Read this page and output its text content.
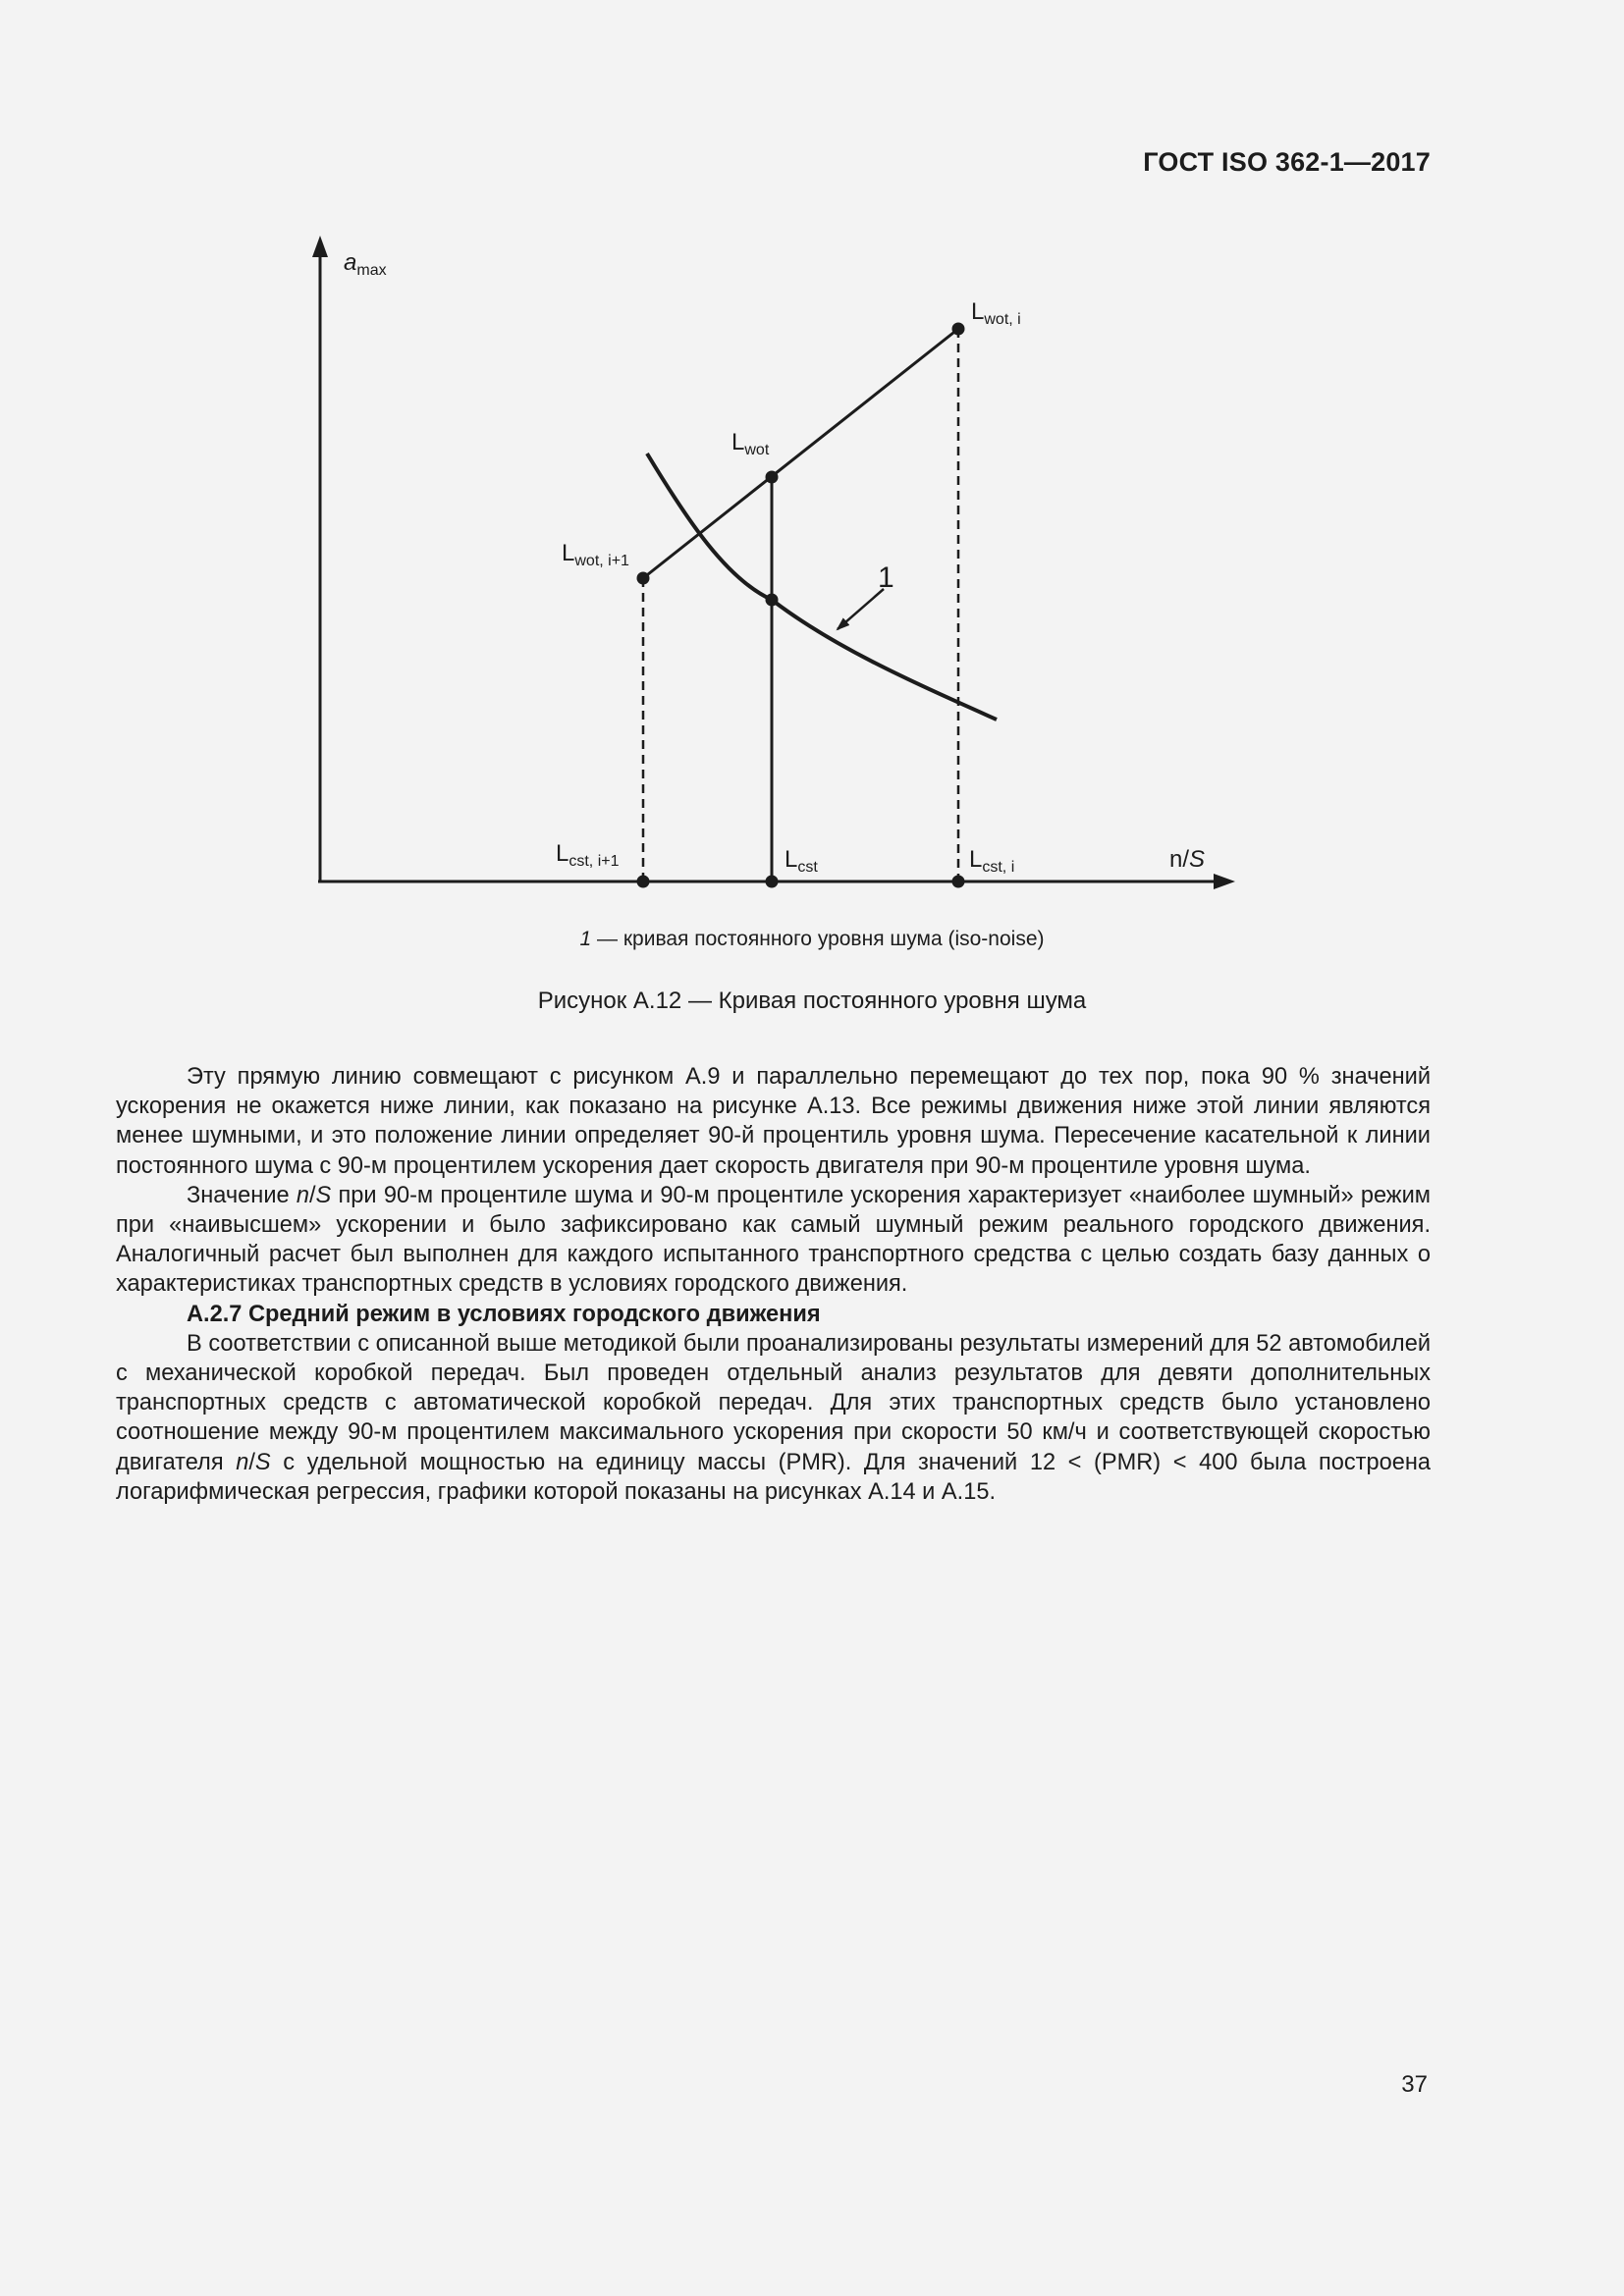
ГОСТ ISO 362-1—2017
$a_{max}$
n/S
$L_{wot, i}$
$L_{wot}$
$L_{wot, i+1}$
$L_{cst, i+1}$	$L_{cst}$	$L_{cst, i}$
1
1 — кривая постоянного уровня шума (iso-noise)
Рисунок А.12 — Кривая постоянного уровня шума

Эту прямую линию совмещают с рисунком А.9 и параллельно перемещают до тех пор, пока 90 % значений ускорения не окажется ниже линии, как показано на рисунке А.13. Все режимы движения ниже этой линии являются менее шумными, и это положение линии определяет 90-й процентиль уровня шума. Пересечение касательной к линии постоянного шума с 90-м процентилем ускорения дает скорость двигателя при 90-м процентиле уровня шума.

Значение n/S при 90-м процентиле шума и 90-м процентиле ускорения характеризует «наиболее шумный» режим при «наивысшем» ускорении и было зафиксировано как самый шумный режим реального городского движения. Аналогичный расчет был выполнен для каждого испытанного транспортного средства с целью создать базу данных о характеристиках транспортных средств в условиях городского движения.

А.2.7 Средний режим в условиях городского движения

В соответствии с описанной выше методикой были проанализированы результаты измерений для 52 автомобилей с механической коробкой передач. Был проведен отдельный анализ результатов для девяти дополнительных транспортных средств с автоматической коробкой передач. Для этих транспортных средств было установлено соотношение между 90-м процентилем максимального ускорения при скорости 50 км/ч и соответствующей скоростью двигателя n/S с удельной мощностью на единицу массы (PMR). Для значений 12 < (PMR) < 400 была построена логарифмическая регрессия, графики которой показаны на рисунках А.14 и А.15.

37
